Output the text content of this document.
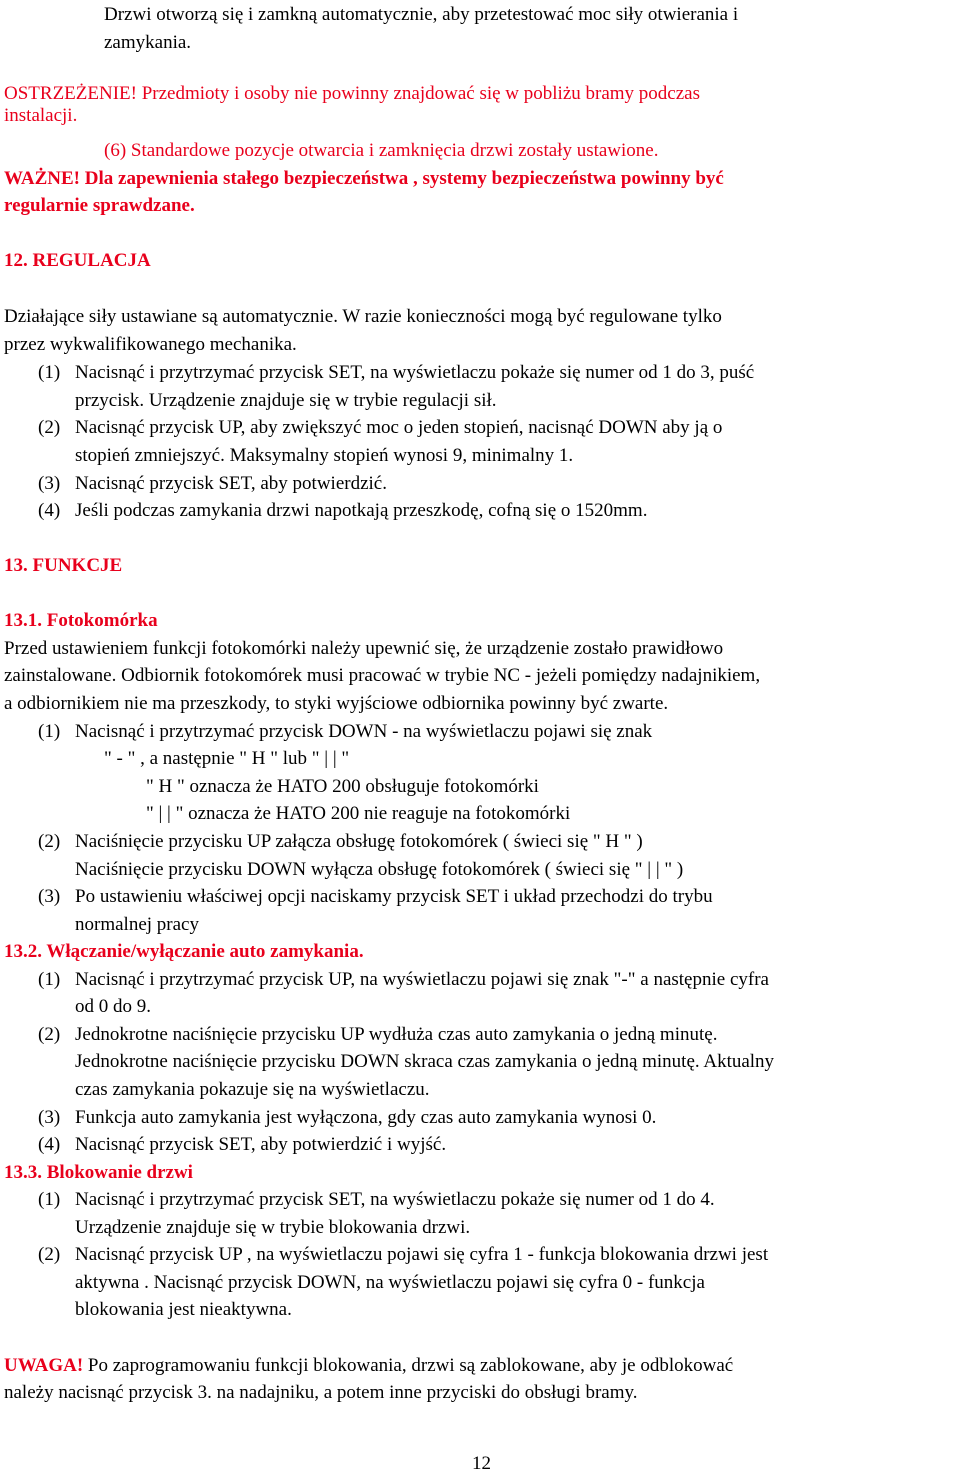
Drzwi otworzą się i zamkną automatycznie, aby przetestować moc siły otwierania i
zamykania.
OSTRZEŻENIE! Przedmioty i osoby nie powinny znajdować się w pobliżu bramy podczas
instalacji.
(6) Standardowe pozycje otwarcia i zamknięcia drzwi zostały ustawione.
WAŻNE! Dla zapewnienia stałego bezpieczeństwa , systemy bezpieczeństwa powinny być
regularnie sprawdzane.
12. REGULACJA
Działające siły ustawiane są automatycznie. W razie konieczności mogą być regulowane tylko
przez wykwalifikowanego mechanika.
(1) Nacisnąć i przytrzymać przycisk SET, na wyświetlaczu pokaże się numer od 1 do 3, puść
przycisk. Urządzenie znajduje się w trybie regulacji sił.
(2) Nacisnąć przycisk UP, aby zwiększyć moc o jeden stopień, nacisnąć DOWN aby ją o
stopień zmniejszyć. Maksymalny stopień wynosi 9, minimalny 1.
(3) Nacisnąć przycisk SET, aby potwierdzić.
(4) Jeśli podczas zamykania drzwi napotkają przeszkodę, cofną się o 1520mm.
13. FUNKCJE
13.1. Fotokomórka
Przed ustawieniem funkcji fotokomórki należy upewnić się, że urządzenie zostało prawidłowo
zainstalowane. Odbiornik fotokomórek musi pracować w trybie NC - jeżeli pomiędzy nadajnikiem,
a odbiornikiem nie ma przeszkody, to styki wyjściowe odbiornika powinny być zwarte.
(1) Nacisnąć i przytrzymać przycisk DOWN - na wyświetlaczu pojawi się znak
" - " , a następnie " H " lub " | | "
" H " oznacza że HATO 200 obsługuje fotokomórki
" | | " oznacza że HATO 200 nie reaguje na fotokomórki
(2) Naciśnięcie przycisku UP załącza obsługę fotokomórek ( świeci się " H " )
Naciśnięcie przycisku DOWN wyłącza obsługę fotokomórek ( świeci się " | | " )
(3) Po ustawieniu właściwej opcji naciskamy przycisk SET i układ przechodzi do trybu
normalnej pracy
13.2. Włączanie/wyłączanie auto zamykania.
(1) Nacisnąć i przytrzymać przycisk UP, na wyświetlaczu pojawi się znak "-" a następnie cyfra
od 0 do 9.
(2) Jednokrotne naciśnięcie przycisku UP wydłuża czas auto zamykania o jedną minutę.
Jednokrotne naciśnięcie przycisku DOWN skraca czas zamykania o jedną minutę. Aktualny
czas zamykania pokazuje się na wyświetlaczu.
(3) Funkcja auto zamykania jest wyłączona, gdy czas auto zamykania wynosi 0.
(4) Nacisnąć przycisk SET, aby potwierdzić i wyjść.
13.3. Blokowanie drzwi
(1) Nacisnąć i przytrzymać przycisk SET, na wyświetlaczu pokaże się numer od 1 do 4.
Urządzenie znajduje się w trybie blokowania drzwi.
(2) Nacisnąć przycisk UP , na wyświetlaczu pojawi się cyfra 1 - funkcja blokowania drzwi jest
aktywna . Nacisnąć przycisk DOWN, na wyświetlaczu pojawi się cyfra 0 - funkcja
blokowania jest nieaktywna.
UWAGA! Po zaprogramowaniu funkcji blokowania, drzwi są zablokowane, aby je odblokować
należy nacisnąć przycisk 3. na nadajniku, a potem inne przyciski do obsługi bramy.
12
